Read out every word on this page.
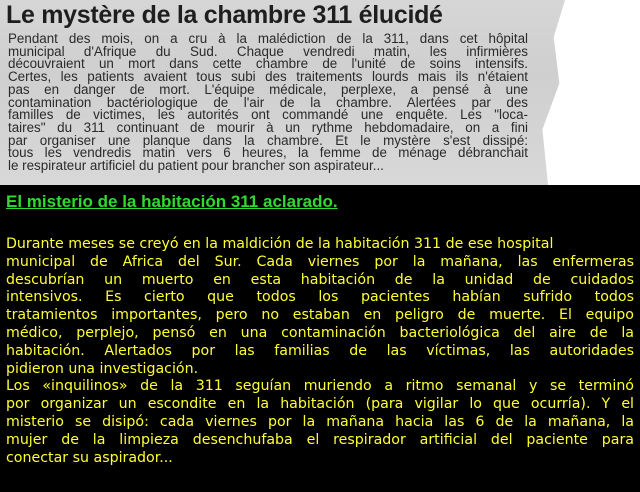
Le mystère de la chambre 311 élucidé
Pendant des mois, on a cru à la malédiction de la 311, dans cet hôpital
municipal d'Afrique du Sud. Chaque vendredi matin, les infirmières
découvraient un mort dans cette chambre de l'unité de soins intensifs.
Certes, les patients avaient tous subi des traitements lourds mais ils n'étaient
pas en danger de mort. L'équipe médicale, perplexe, a pensé à une
contamination bactériologique de l'air de la chambre. Alertées par des
familles de victimes, les autorités ont commandé une enquête. Les "loca-
taires" du 311 continuant de mourir à un rythme hebdomadaire, on a fini
par organiser une planque dans la chambre. Et le mystère s'est dissipé:
tous les vendredis matin vers 6 heures, la femme de ménage débranchait
le respirateur artificiel du patient pour brancher son aspirateur...
El misterio de la habitación 311 aclarado.
Durante meses se creyó en la maldición de la habitación 311 de ese hospital
municipal de Africa del Sur. Cada viernes por la mañana, las enfermeras
descubrían un muerto en esta habitación de la unidad de cuidados
intensivos. Es cierto que todos los pacientes habían sufrido todos
tratamientos importantes, pero no estaban en peligro de muerte. El equipo
médico, perplejo, pensó en una contaminación bacteriológica del aire de la
habitación. Alertados por las familias de las víctimas, las autoridades
pidieron una investigación.
Los «inquilinos» de la 311 seguían muriendo a ritmo semanal y se terminó
por organizar un escondite en la habitación (para vigilar lo que ocurría). Y el
misterio se disipó: cada viernes por la mañana hacia las 6 de la mañana, la
mujer de la limpieza desenchufaba el respirador artificial del paciente para
conectar su aspirador...
